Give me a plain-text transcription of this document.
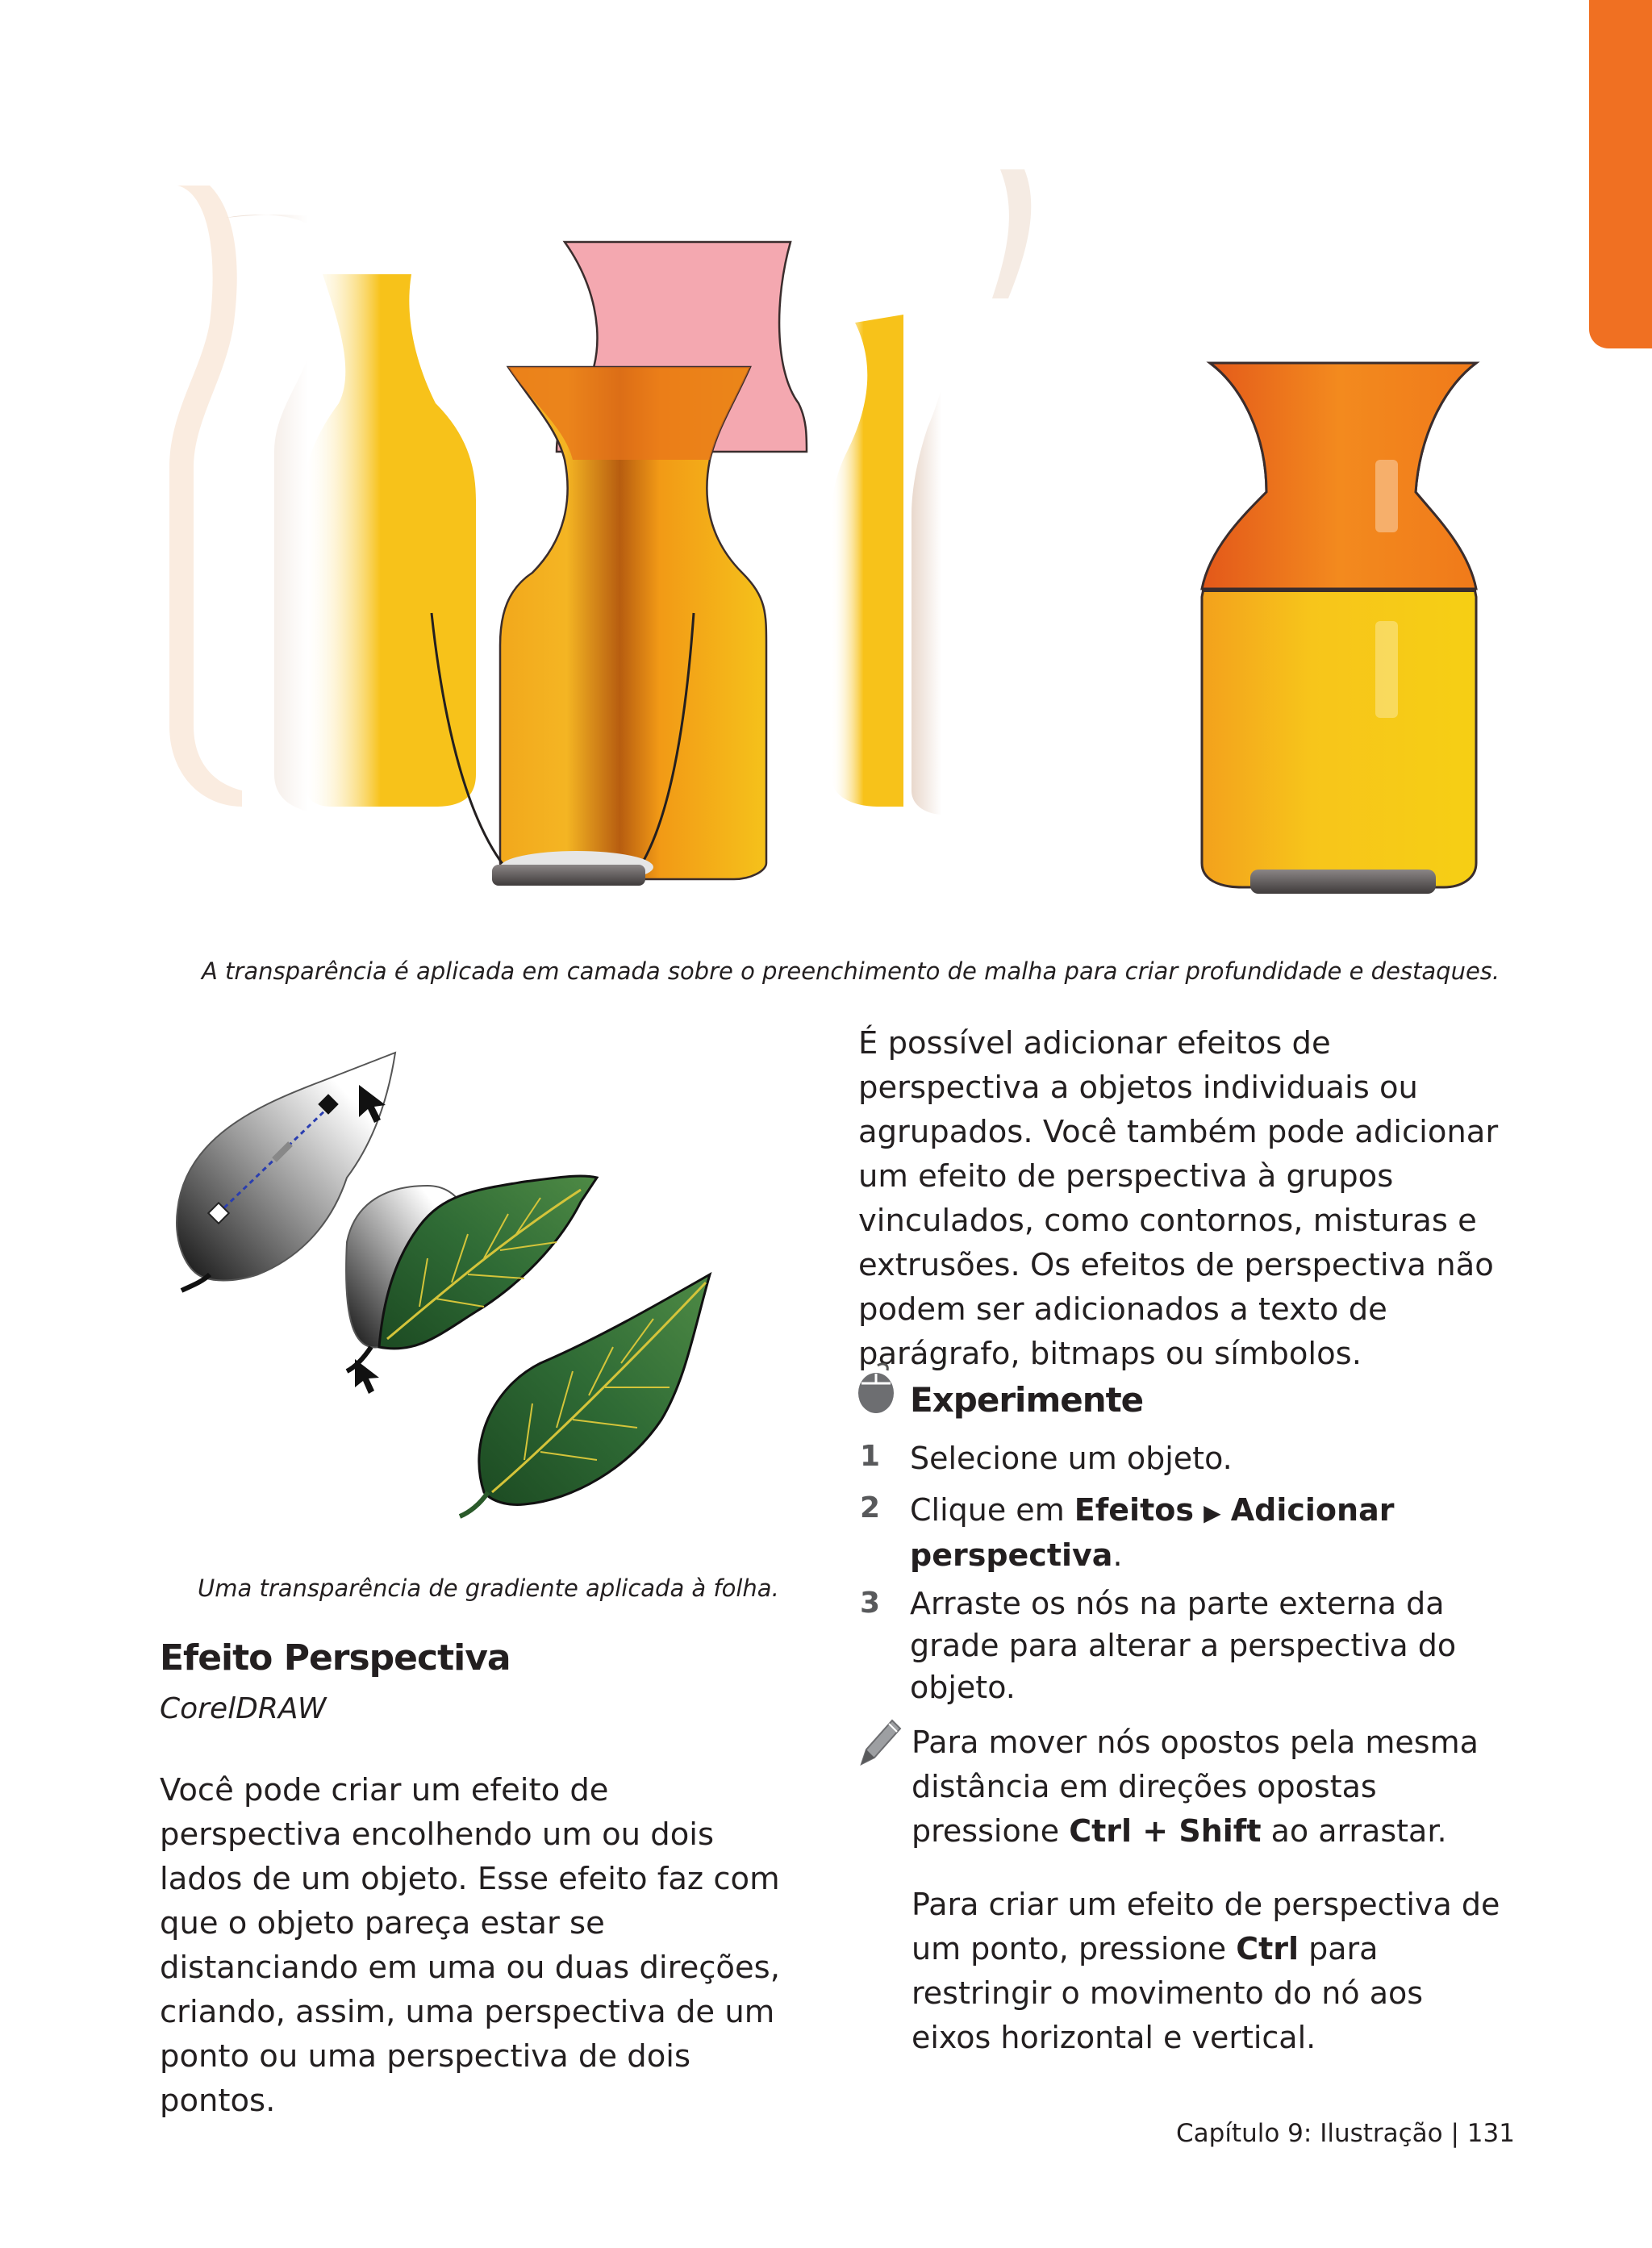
A transparência é aplicada em camada sobre o preenchimento de malha para criar profundidade e destaques.
Uma transparência de gradiente aplicada à folha.
Efeito Perspectiva
CorelDRAW
Você pode criar um efeito de perspectiva encolhendo um ou dois lados de um objeto. Esse efeito faz com que o objeto pareça estar se distanciando em uma ou duas direções, criando, assim, uma perspectiva de um ponto ou uma perspectiva de dois pontos.
É possível adicionar efeitos de perspectiva a objetos individuais ou agrupados. Você também pode adicionar um efeito de perspectiva à grupos vinculados, como contornos, misturas e extrusões. Os efeitos de perspectiva não podem ser adicionados a texto de parágrafo, bitmaps ou símbolos.
Experimente
1 Selecione um objeto.
2 Clique em Efeitos ▶ Adicionar perspectiva.
3 Arraste os nós na parte externa da grade para alterar a perspectiva do objeto.
Para mover nós opostos pela mesma distância em direções opostas pressione Ctrl + Shift ao arrastar.
Para criar um efeito de perspectiva de um ponto, pressione Ctrl para restringir o movimento do nó aos eixos horizontal e vertical.
Capítulo 9: Ilustração | 131
